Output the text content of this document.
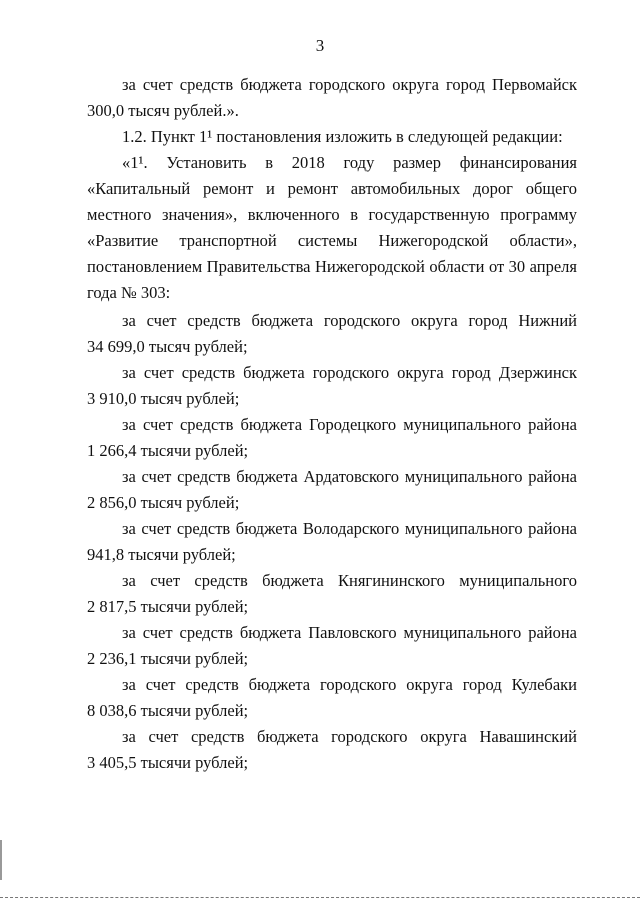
3
за счет средств бюджета городского округа город Первомайск
300,0 тысяч рублей.».
1.2. Пункт 1¹ постановления изложить в следующей редакции:
«1¹. Установить в 2018 году размер финансирования
«Капитальный ремонт и ремонт автомобильных дорог общего
местного значения», включенного в государственную программу
«Развитие транспортной системы Нижегородской области»,
постановлением Правительства Нижегородской области от 30 апреля
года № 303:
за счет средств бюджета городского округа город Нижний
34 699,0 тысяч рублей;
за счет средств бюджета городского округа город Дзержинск
3 910,0 тысяч рублей;
за счет средств бюджета Городецкого муниципального района
1 266,4 тысячи рублей;
за счет средств бюджета Ардатовского муниципального района
2 856,0 тысяч рублей;
за счет средств бюджета Володарского муниципального района
941,8 тысячи рублей;
за счет средств бюджета Княгининского муниципального
2 817,5 тысячи рублей;
за счет средств бюджета Павловского муниципального района
2 236,1 тысячи рублей;
за счет средств бюджета городского округа город Кулебаки
8 038,6 тысячи рублей;
за счет средств бюджета городского округа Навашинский
3 405,5 тысячи рублей;
